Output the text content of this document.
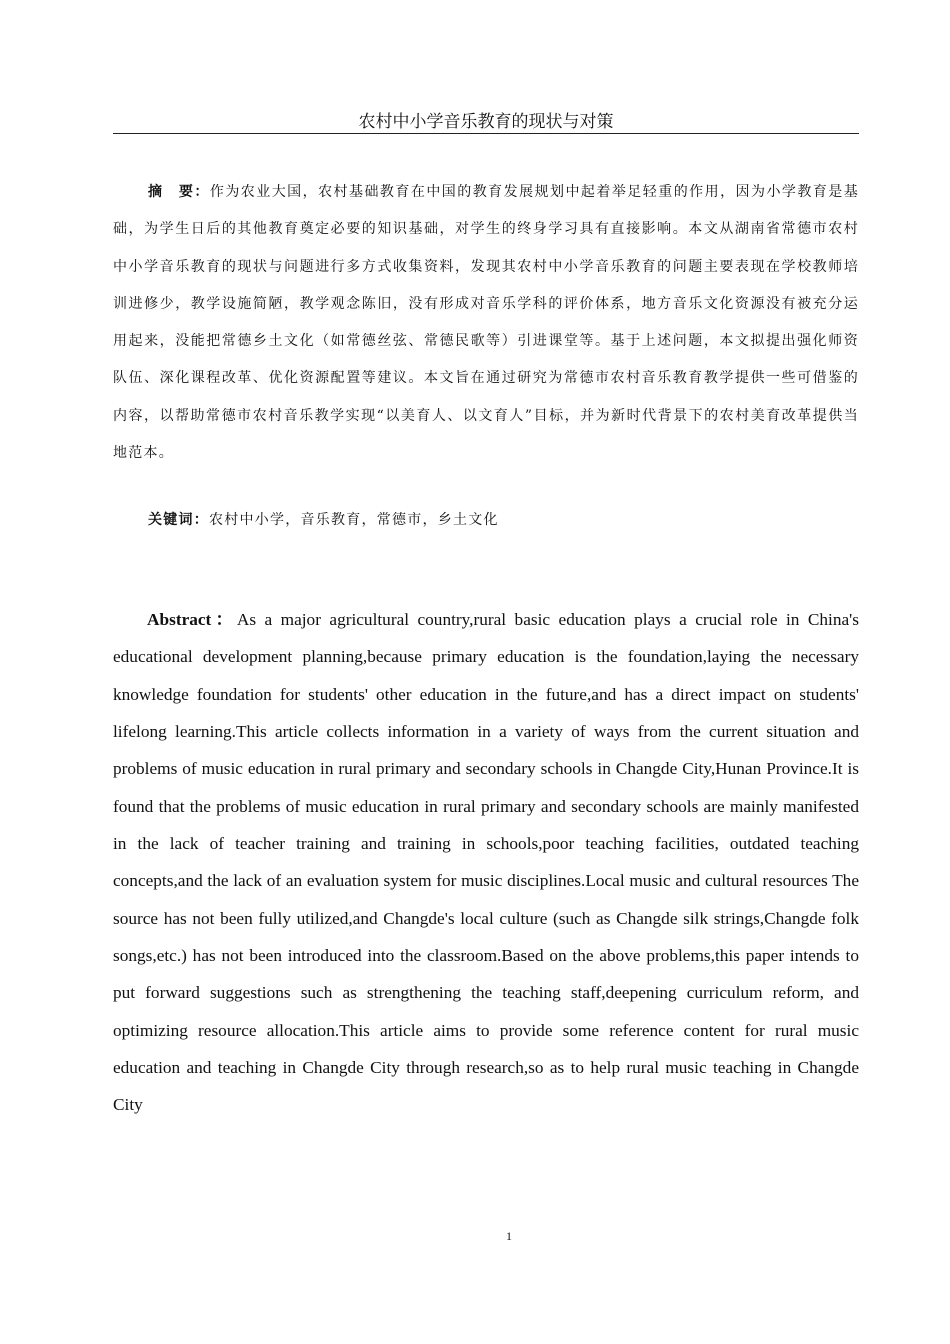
农村中小学音乐教育的现状与对策

摘　要：作为农业大国，农村基础教育在中国的教育发展规划中起着举足轻重的作用，因为小学教育是基础，为学生日后的其他教育奠定必要的知识基础，对学生的终身学习具有直接影响。本文从湖南省常德市农村中小学音乐教育的现状与问题进行多方式收集资料，发现其农村中小学音乐教育的问题主要表现在学校教师培训进修少，教学设施简陋，教学观念陈旧，没有形成对音乐学科的评价体系，地方音乐文化资源没有被充分运用起来，没能把常德乡土文化（如常德丝弦、常德民歌等）引进课堂等。基于上述问题，本文拟提出强化师资队伍、深化课程改革、优化资源配置等建议。本文旨在通过研究为常德市农村音乐教育教学提供一些可借鉴的内容，以帮助常德市农村音乐教学实现“以美育人、以文育人”目标，并为新时代背景下的农村美育改革提供当地范本。

关键词：农村中小学，音乐教育，常德市，乡土文化

Abstract：As a major agricultural country,rural basic education plays a crucial role in China's educational development planning,because primary education is the foundation,laying the necessary knowledge foundation for students' other education in the future,and has a direct impact on students' lifelong learning.This article collects information in a variety of ways from the current situation and problems of music education in rural primary and secondary schools in Changde City,Hunan Province.It is found that the problems of music education in rural primary and secondary schools are mainly manifested in the lack of teacher training and training in schools,poor teaching facilities, outdated teaching concepts,and the lack of an evaluation system for music disciplines.Local music and cultural resources The source has not been fully utilized,and Changde's local culture (such as Changde silk strings,Changde folk songs,etc.) has not been introduced into the classroom.Based on the above problems,this paper intends to put forward suggestions such as strengthening the teaching staff,deepening curriculum reform, and optimizing resource allocation.This article aims to provide some reference content for rural music education and teaching in Changde City through research,so as to help rural music teaching in Changde City

1
